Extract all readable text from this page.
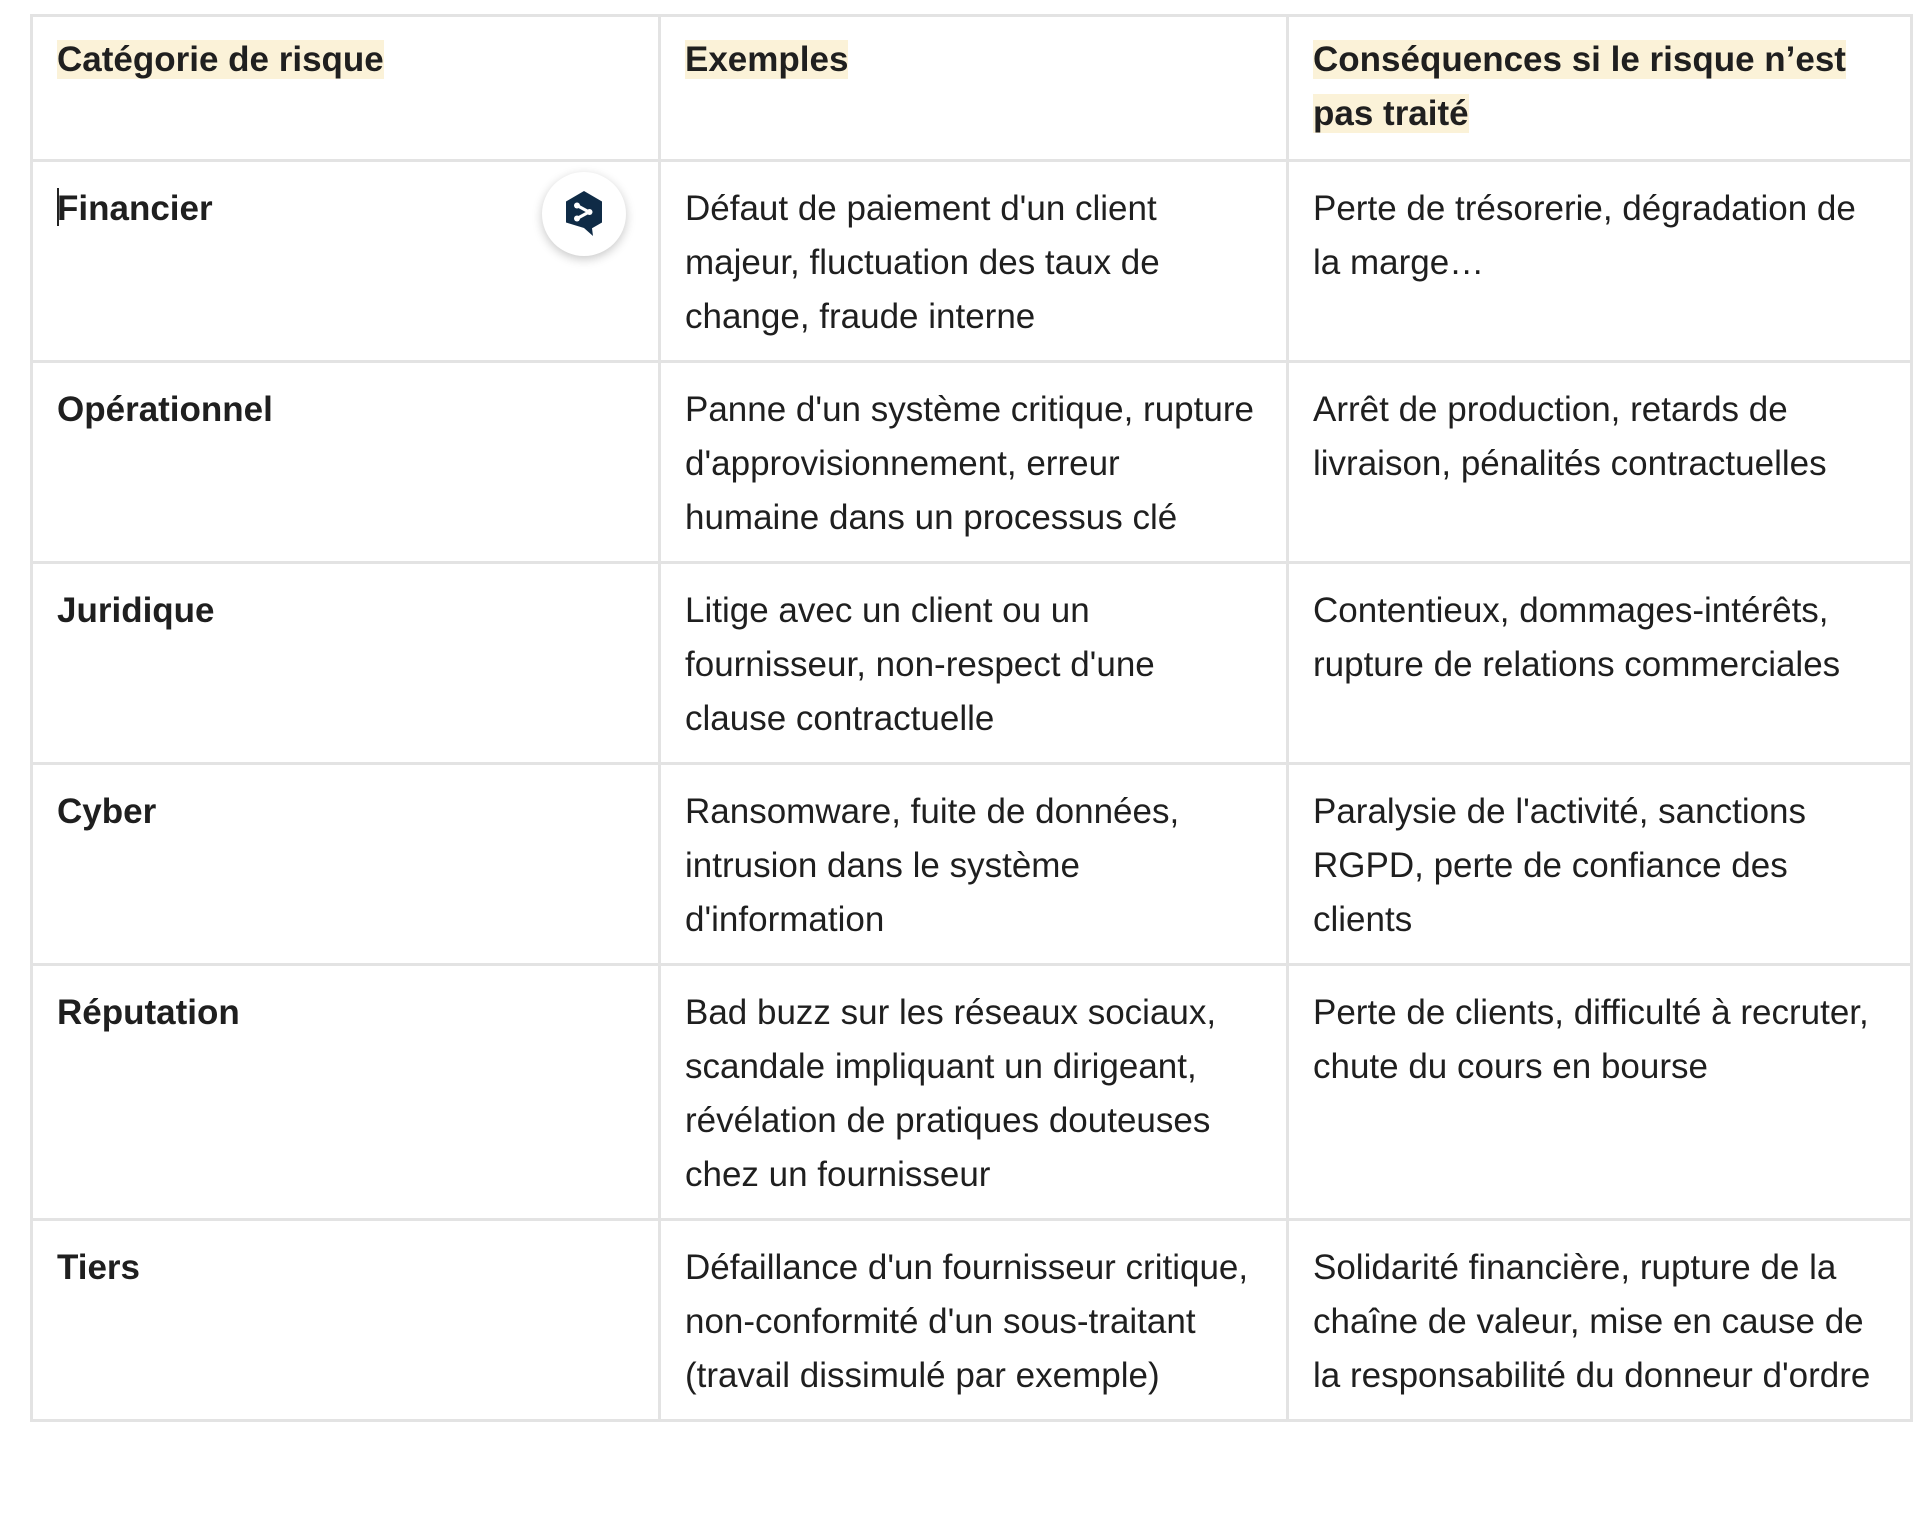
Catégorie de risque	Exemples	Conséquences si le risque n’est pas traité

Financier	Défaut de paiement d'un client majeur, fluctuation des taux de change, fraude interne	Perte de trésorerie, dégradation de la marge…
Opérationnel	Panne d'un système critique, rupture d'approvisionnement, erreur humaine dans un processus clé	Arrêt de production, retards de livraison, pénalités contractuelles
Juridique	Litige avec un client ou un fournisseur, non-respect d'une clause contractuelle	Contentieux, dommages-intérêts, rupture de relations commerciales
Cyber	Ransomware, fuite de données, intrusion dans le système d'information	Paralysie de l'activité, sanctions RGPD, perte de confiance des clients
Réputation	Bad buzz sur les réseaux sociaux, scandale impliquant un dirigeant, révélation de pratiques douteuses chez un fournisseur	Perte de clients, difficulté à recruter, chute du cours en bourse
Tiers	Défaillance d'un fournisseur critique, non-conformité d'un sous-traitant (travail dissimulé par exemple)	Solidarité financière, rupture de la chaîne de valeur, mise en cause de la responsabilité du donneur d'ordre
